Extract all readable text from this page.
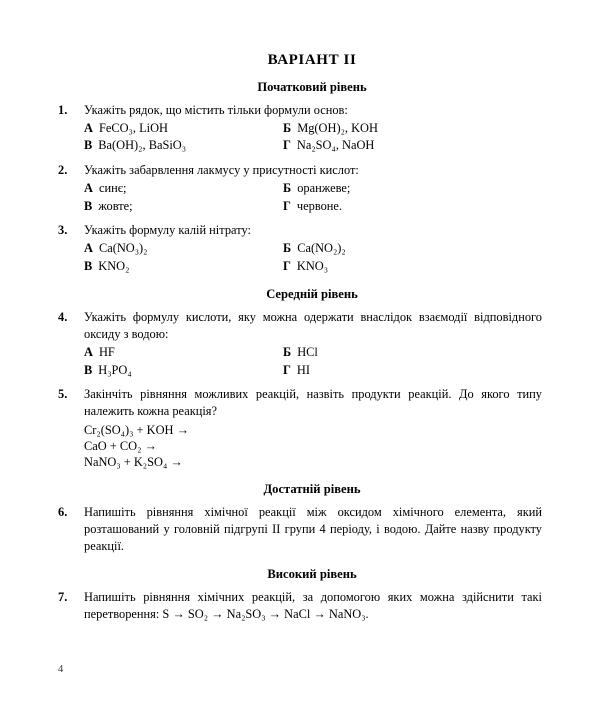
ВАРІАНТ II
Початковий рівень
1.	Укажіть рядок, що містить тільки формули основ:
А FeCO₃, LiOH	Б Mg(OH)₂, KOH
В Ba(OH)₂, BaSiO₃	Г Na₂SO₄, NaOH
2.	Укажіть забарвлення лакмусу у присутності кислот:
А синє;	Б оранжеве;
В жовте;	Г червоне.
3.	Укажіть формулу калій нітрату:
А Ca(NO₃)₂	Б Ca(NO₂)₂
В KNO₂	Г KNO₃
Середній рівень
4.	Укажіть формулу кислоти, яку можна одержати внаслідок взаємодії відповідного оксиду з водою:
А HF	Б HCl
В H₃PO₄	Г HI
5.	Закінчіть рівняння можливих реакцій, назвіть продукти реакцій. До якого типу належить кожна реакція?
Cr₂(SO₄)₃ + KOH →
CaO + CO₂ →
NaNO₃ + K₂SO₄ →
Достатній рівень
6.	Напишіть рівняння хімічної реакції між оксидом хімічного елемента, який розташований у головній підгрупі II групи 4 періоду, і водою. Дайте назву продукту реакції.
Високий рівень
7.	Напишіть рівняння хімічних реакцій, за допомогою яких можна здійснити такі перетворення: S → SO₂ → Na₂SO₃ → NaCl → NaNO₃.
4
